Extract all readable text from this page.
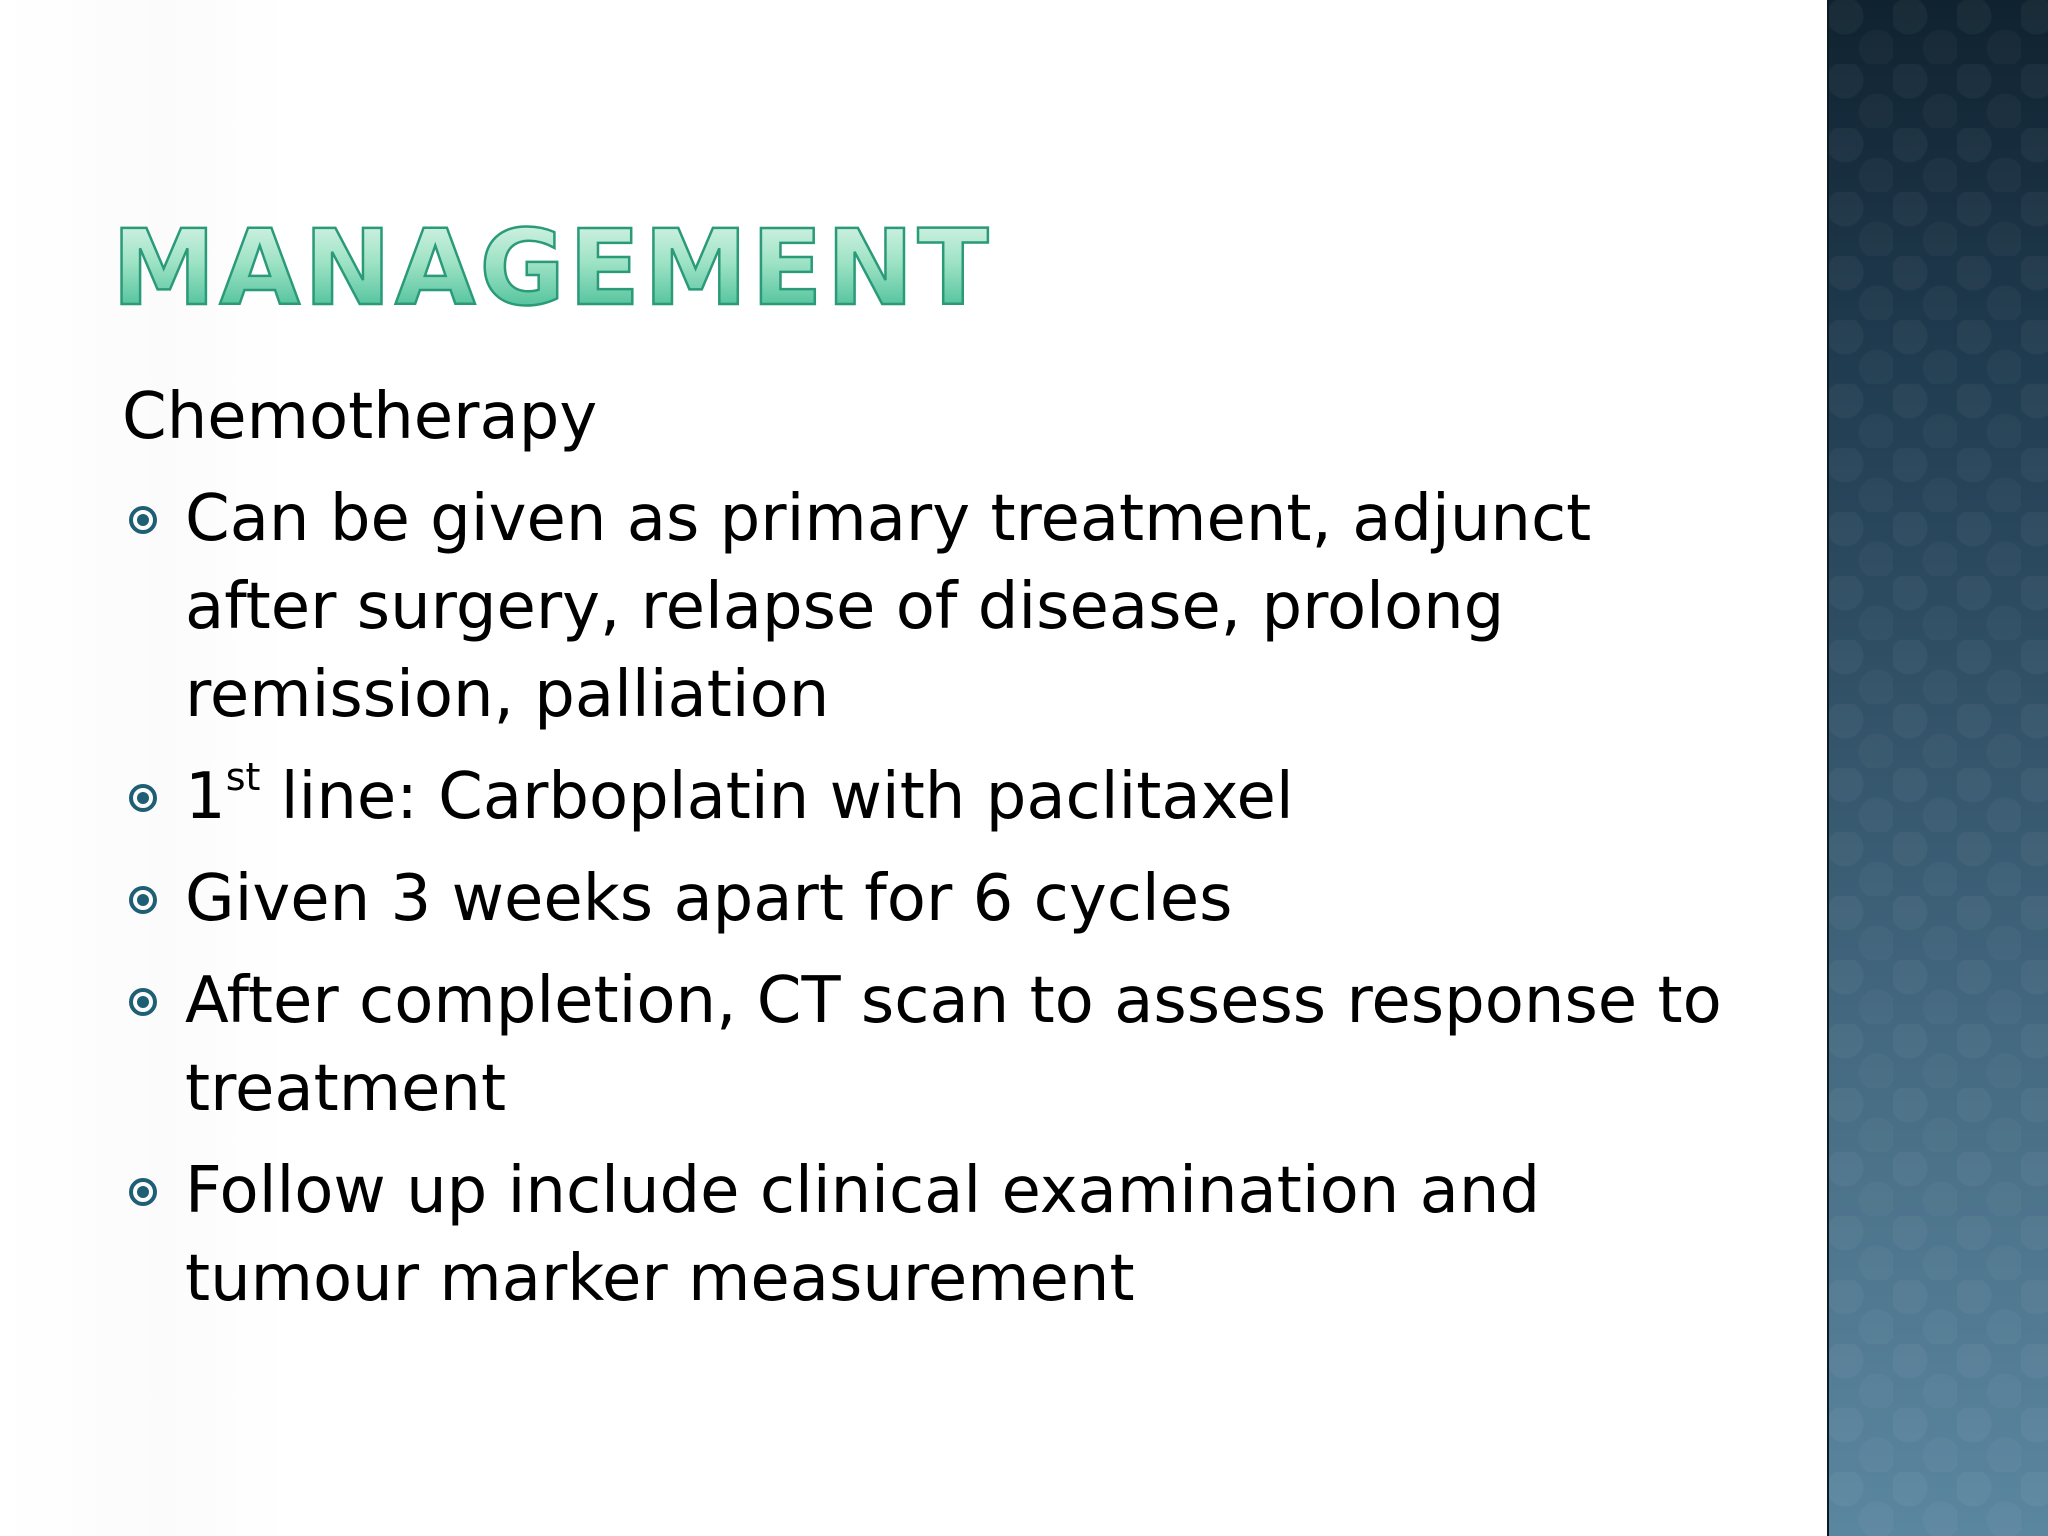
MANAGEMENT
Chemotherapy
Can be given as primary treatment, adjunct after surgery, relapse of disease, prolong remission, palliation
1st line: Carboplatin with paclitaxel
Given 3 weeks apart for 6 cycles
After completion, CT scan to assess response to treatment
Follow up include clinical examination and tumour marker measurement
